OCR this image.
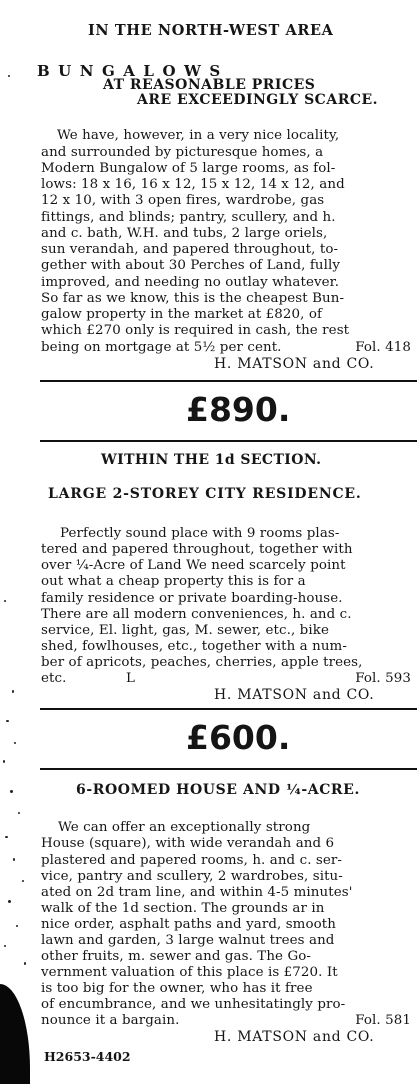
IN THE NORTH-WEST AREA
BUNGALOWS
AT REASONABLE PRICES
ARE EXCEEDINGLY SCARCE.
We have, however, in a very nice locality,
and surrounded by picturesque homes, a
Modern Bungalow of 5 large rooms, as fol-
lows: 18 x 16, 16 x 12, 15 x 12, 14 x 12, and
12 x 10, with 3 open fires, wardrobe, gas
fittings, and blinds; pantry, scullery, and h.
and c. bath, W.H. and tubs, 2 large oriels,
sun verandah, and papered throughout, to-
gether with about 30 Perches of Land, fully
improved, and needing no outlay whatever.
So far as we know, this is the cheapest Bun-
galow property in the market at £820, of
which £270 only is required in cash, the rest
being on mortgage at 5½ per cent.	Fol. 418
H. MATSON and CO.
£890.
WITHIN THE 1d SECTION.
LARGE 2-STOREY CITY RESIDENCE.
Perfectly sound place with 9 rooms plas-
tered and papered throughout, together with
over ¼-Acre of Land We need scarcely point
out what a cheap property this is for a
family residence or private boarding-house.
There are all modern conveniences, h. and c.
service, El. light, gas, M. sewer, etc., bike
shed, fowlhouses, etc., together with a num-
ber of apricots, peaches, cherries, apple trees,
etc.	L	Fol. 593
H. MATSON and CO.
£600.
6-ROOMED HOUSE AND ¼-ACRE.
We can offer an exceptionally strong
House (square), with wide verandah and 6
plastered and papered rooms, h. and c. ser-
vice, pantry and scullery, 2 wardrobes, situ-
ated on 2d tram line, and within 4-5 minutes'
walk of the 1d section. The grounds ar in
nice order, asphalt paths and yard, smooth
lawn and garden, 3 large walnut trees and
other fruits, m. sewer and gas. The Go-
vernment valuation of this place is £720. It
is too big for the owner, who has it free
of encumbrance, and we unhesitatingly pro-
nounce it a bargain.	Fol. 581
H. MATSON and CO.
H2653-4402
